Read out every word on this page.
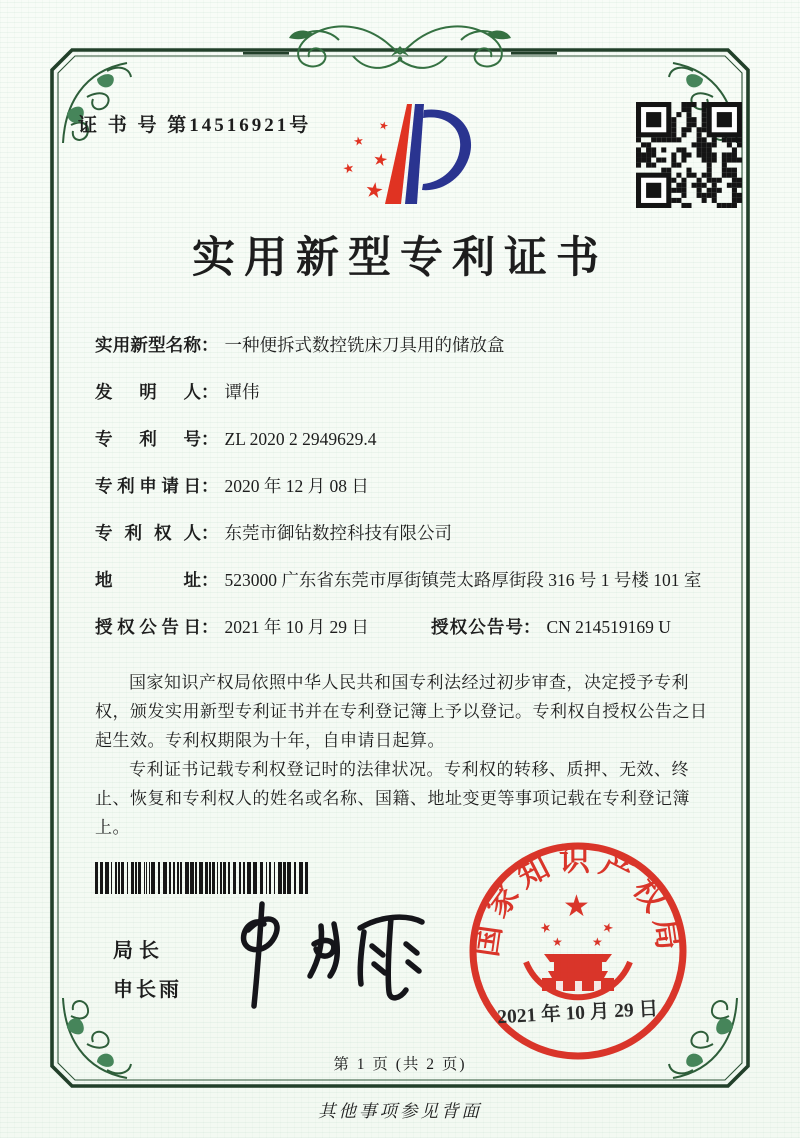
证 书 号 第14516921号	★
★
★
★
★
实用新型专利证书
实用新型名称 ： 一种便拆式数控铣床刀具用的储放盒
发明人 ： 谭伟
专利号 ： ZL 2020 2 2949629.4
专利申请日 ： 2020 年 12 月 08 日
专利权人 ： 东莞市御钻数控科技有限公司
地址 ： 523000 广东省东莞市厚街镇莞太路厚街段 316 号 1 号楼 101 室
授权公告日 ： 2021 年 10 月 29 日	授权公告号 ： CN 214519169 U

国家知识产权局依照中华人民共和国专利法经过初步审查，决定授予专利权，颁发实用新型专利证书并在专利登记簿上予以登记。专利权自授权公告之日起生效。专利权期限为十年，自申请日起算。

专利证书记载专利权登记时的法律状况。专利权的转移、质押、无效、终止、恢复和专利权人的姓名或名称、国籍、地址变更等事项记载在专利登记簿上。

局长
申长雨
国家知识产权局
★
★	★
★ ★
2021 年 10 月 29 日
第 1 页 (共 2 页)
其他事项参见背面
